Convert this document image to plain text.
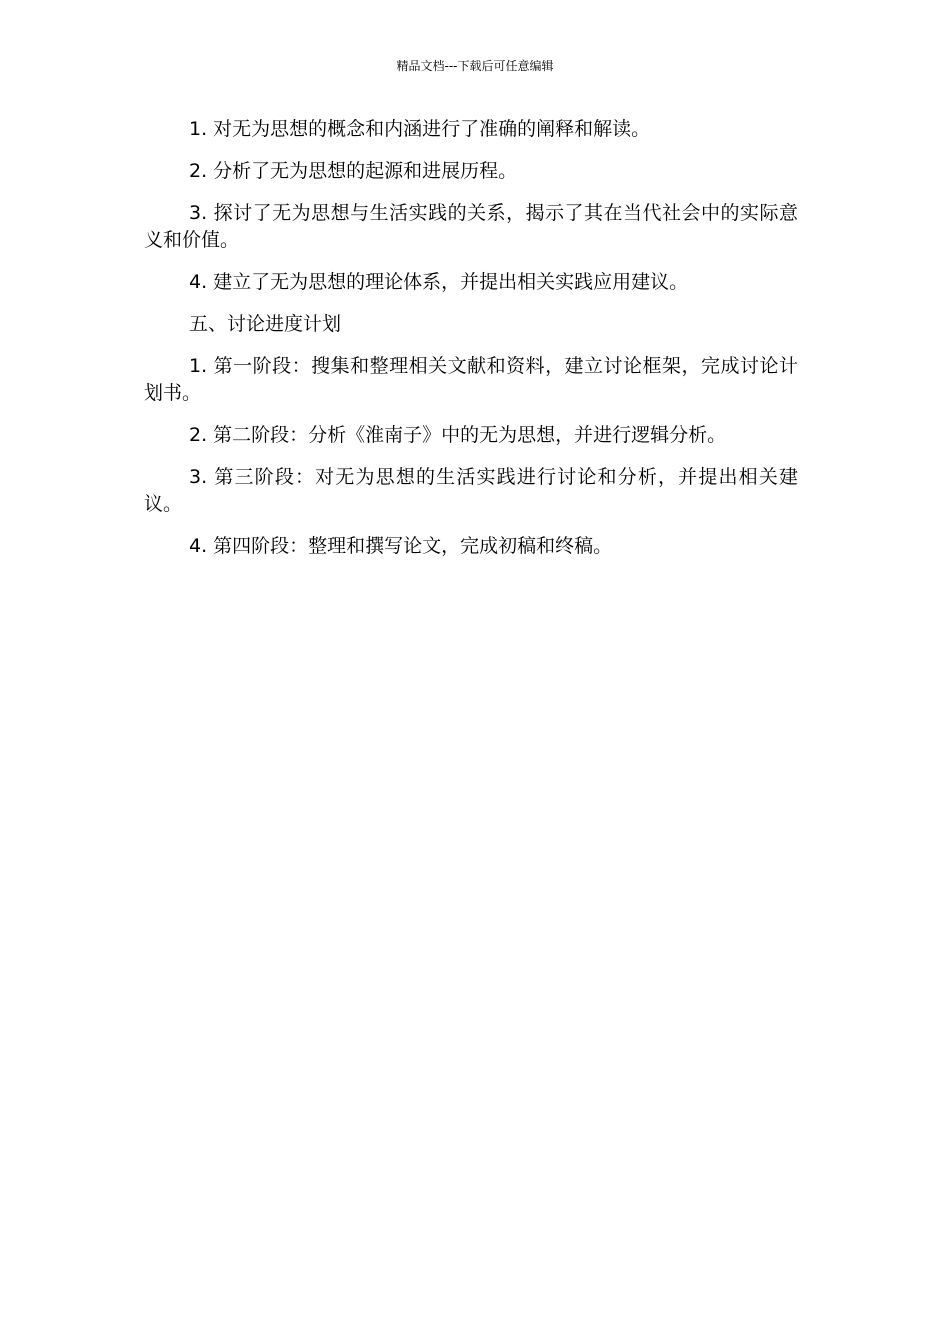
精品文档---下载后可任意编辑

1. 对无为思想的概念和内涵进行了准确的阐释和解读。

2. 分析了无为思想的起源和进展历程。

3. 探讨了无为思想与生活实践的关系，揭示了其在当代社会中的实际意义和价值。

4. 建立了无为思想的理论体系，并提出相关实践应用建议。

五、讨论进度计划

1. 第一阶段：搜集和整理相关文献和资料，建立讨论框架，完成讨论计划书。

2. 第二阶段：分析《淮南子》中的无为思想，并进行逻辑分析。

3. 第三阶段：对无为思想的生活实践进行讨论和分析，并提出相关建议。

4. 第四阶段：整理和撰写论文，完成初稿和终稿。
